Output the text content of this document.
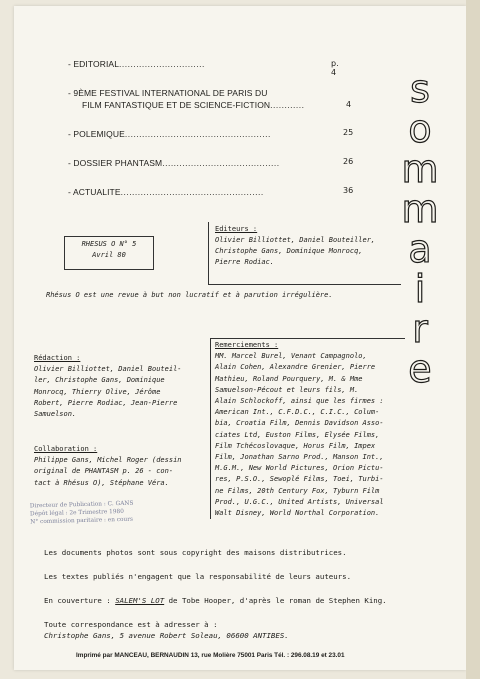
- EDITORIAL..............................	p. 4
- 9ÈME FESTIVAL INTERNATIONAL DE PARIS DU
FILM FANTASTIQUE ET DE SCIENCE-FICTION............	4
- POLEMIQUE...................................................	25
- DOSSIER PHANTASM.........................................	26
- ACTUALITE..................................................	36
s
o
m
m
a
i
r
e
RHESUS O N° 5
Avril 80
Editeurs :
Olivier Billiottet, Daniel Bouteiller,
Christophe Gans, Dominique Monrocq,
Pierre Rodiac.
Rhésus O est une revue à but non lucratif et à parution irrégulière.
Rédaction :
Olivier Billiottet, Daniel Bouteil-
ler, Christophe Gans, Dominique
Monrocq, Thierry Olive, Jérôme
Robert, Pierre Rodiac, Jean-Pierre
Samuelson.
Collaboration :
Philippe Gans, Michel Roger (dessin
original de PHANTASM p. 26 - con-
tact à Rhésus O), Stéphane Véra.
Remerciements :
MM. Marcel Burel, Venant Campagnolo,
Alain Cohen, Alexandre Grenier, Pierre
Mathieu, Roland Pourquery, M. & Mme
Samuelson-Pécout et leurs fils, M.
Alain Schlockoff, ainsi que les firmes :
American Int., C.F.D.C., C.I.C., Colum-
bia, Croatia Film, Dennis Davidson Asso-
ciates Ltd, Euston Films, Elysée Films,
Film Tchécoslovaque, Horus Film, Impex
Film, Jonathan Sarno Prod., Manson Int.,
M.G.M., New World Pictures, Orion Pictu-
res, P.S.O., Sewoplé Films, Toei, Turbi-
ne Films, 20th Century Fox, Tyburn Film
Prod., U.G.C., United Artists, Universal
Walt Disney, World Northal Corporation.
Directeur de Publication : C. GANS
Dépôt légal : 2e Trimestre 1980
N° commission paritaire : en cours
Les documents photos sont sous copyright des maisons distributrices.
Les textes publiés n'engagent que la responsabilité de leurs auteurs.
En couverture : SALEM'S LOT de Tobe Hooper, d'après le roman de Stephen King.
Toute correspondance est à adresser à :
Christophe Gans, 5 avenue Robert Soleau, 06600 ANTIBES.
Imprimé par MANCEAU, BERNAUDIN 13, rue Molière 75001 Paris Tél. : 296.08.19 et 23.01
